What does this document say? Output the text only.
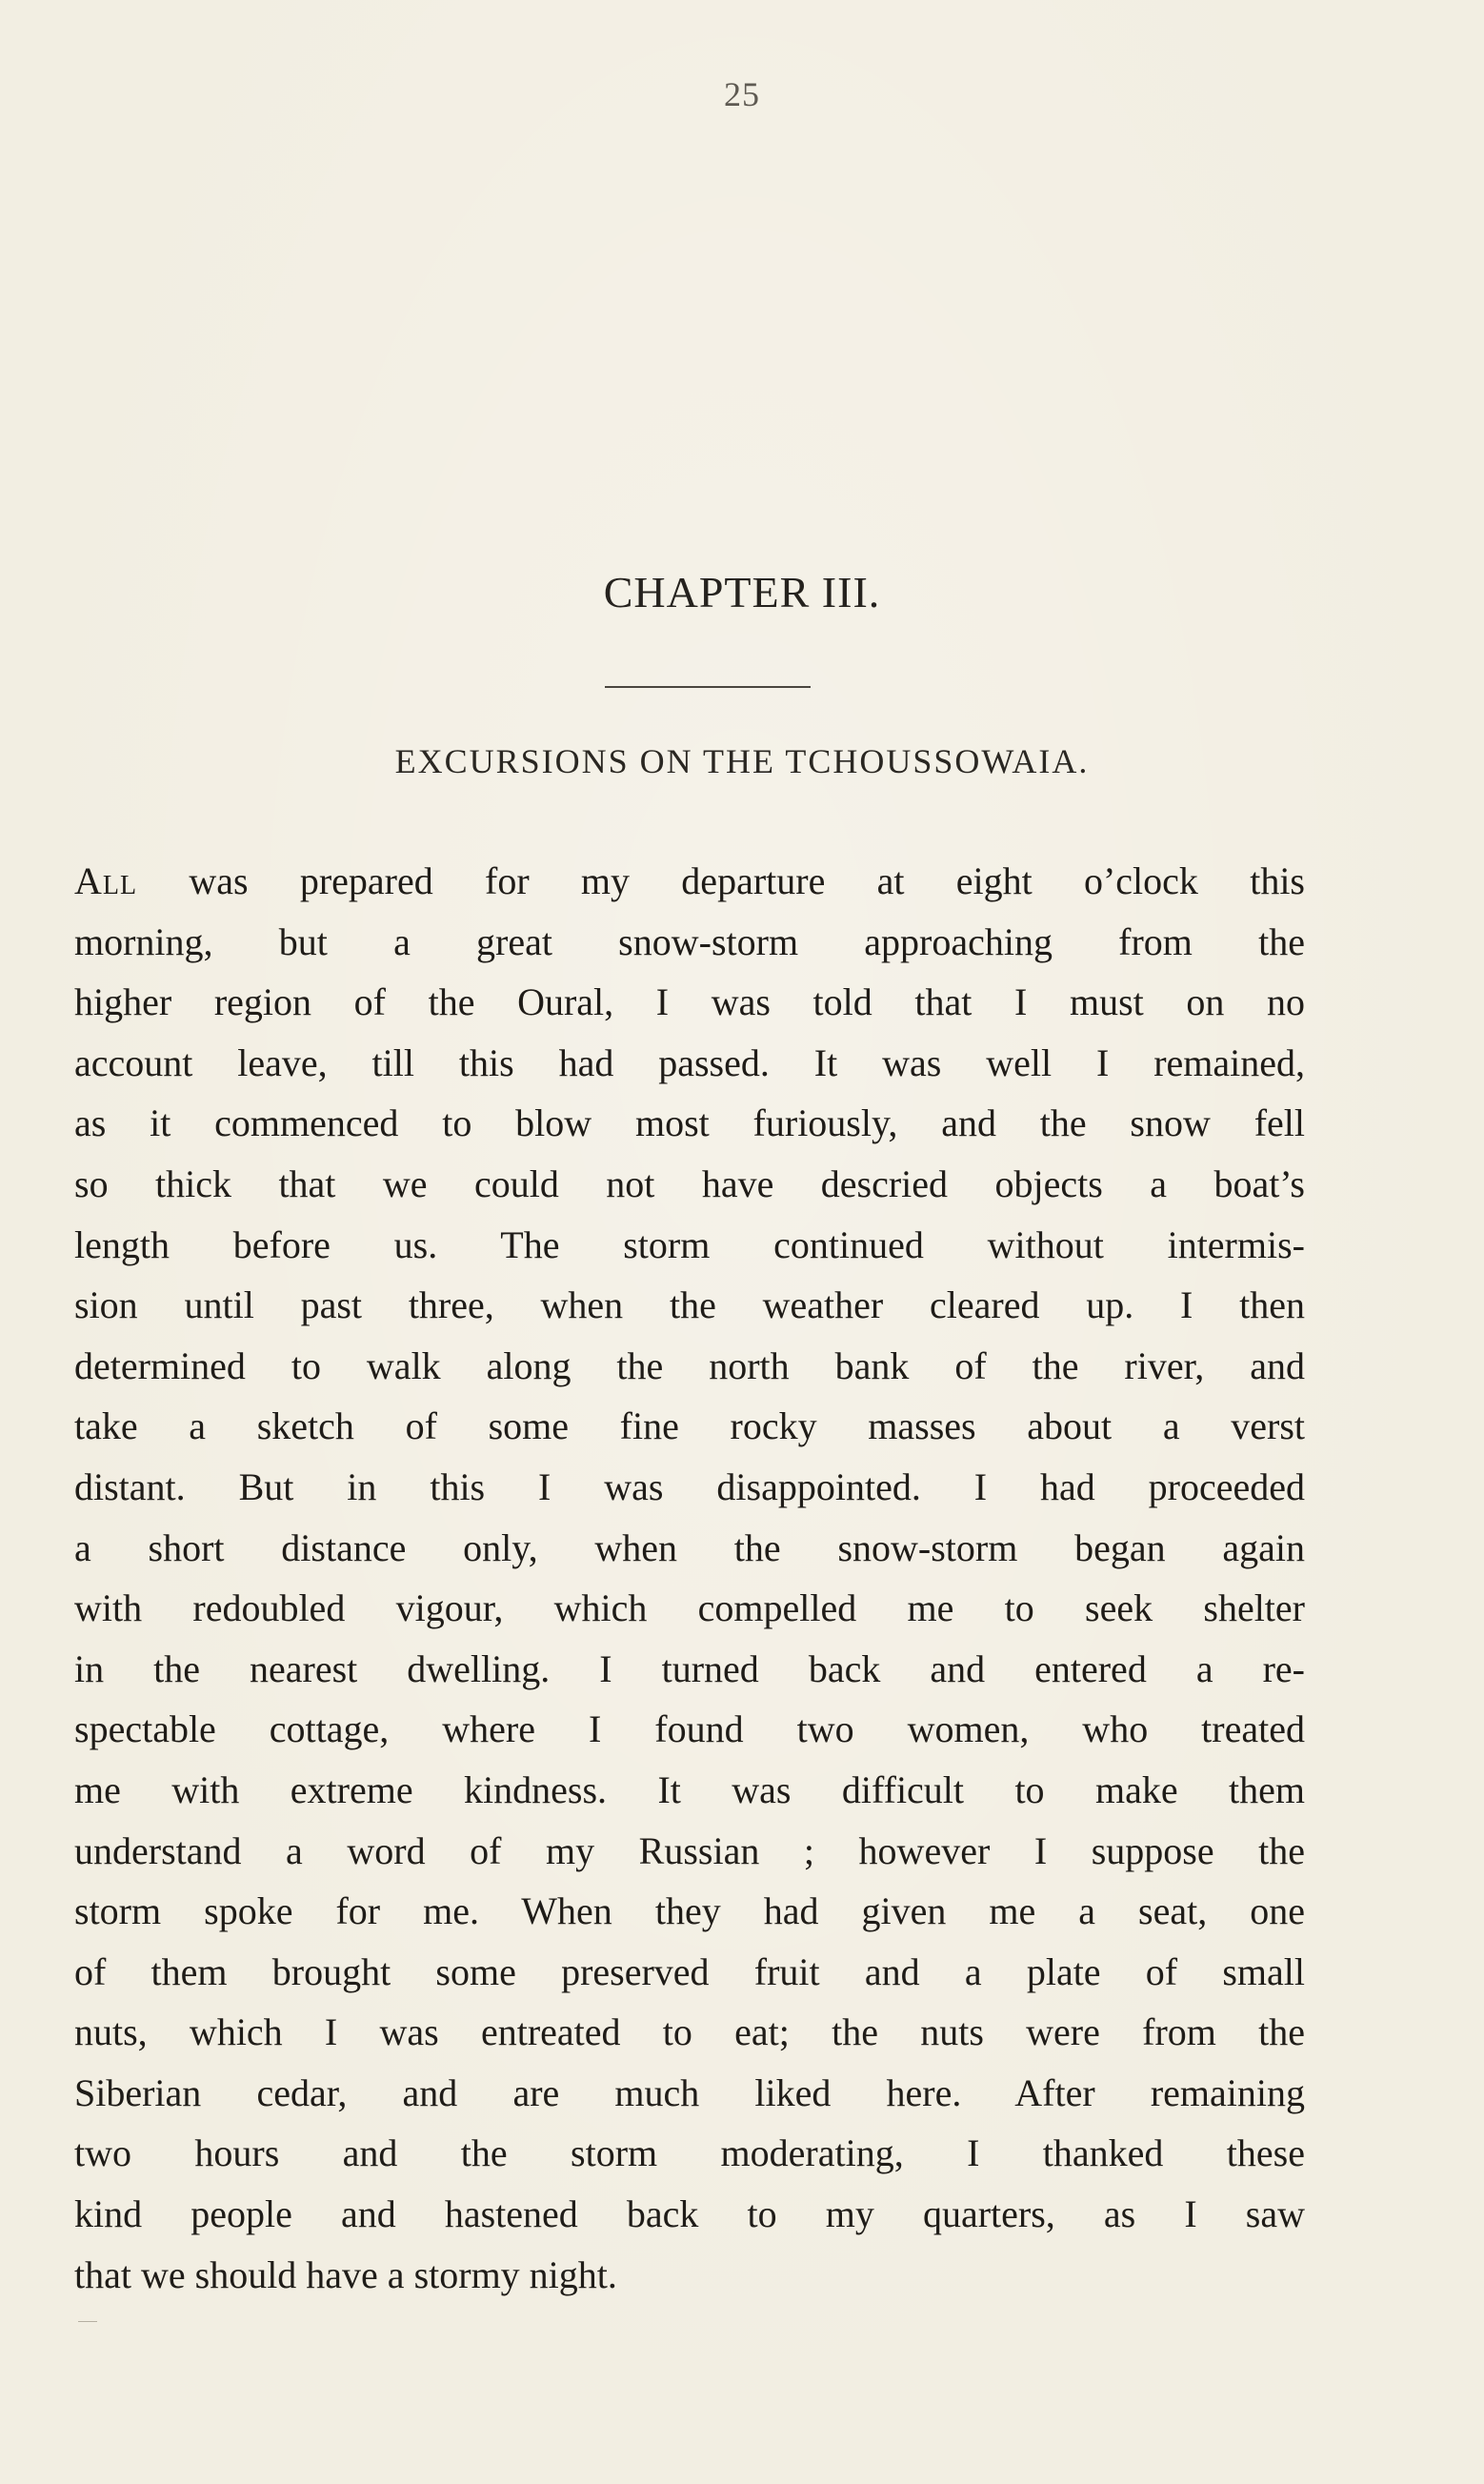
25
CHAPTER III.
EXCURSIONS ON THE TCHOUSSOWAIA.
All was prepared for my departure at eight o’clock this
morning, but a great snow-storm approaching from the
higher region of the Oural, I was told that I must on no
account leave, till this had passed. It was well I remained,
as it commenced to blow most furiously, and the snow fell
so thick that we could not have descried objects a boat’s
length before us. The storm continued without intermis-
sion until past three, when the weather cleared up. I then
determined to walk along the north bank of the river, and
take a sketch of some fine rocky masses about a verst
distant. But in this I was disappointed. I had proceeded
a short distance only, when the snow-storm began again
with redoubled vigour, which compelled me to seek shelter
in the nearest dwelling. I turned back and entered a re-
spectable cottage, where I found two women, who treated
me with extreme kindness. It was difficult to make them
understand a word of my Russian ; however I suppose the
storm spoke for me. When they had given me a seat, one
of them brought some preserved fruit and a plate of small
nuts, which I was entreated to eat; the nuts were from the
Siberian cedar, and are much liked here. After remaining
two hours and the storm moderating, I thanked these
kind people and hastened back to my quarters, as I saw
that we should have a stormy night.
